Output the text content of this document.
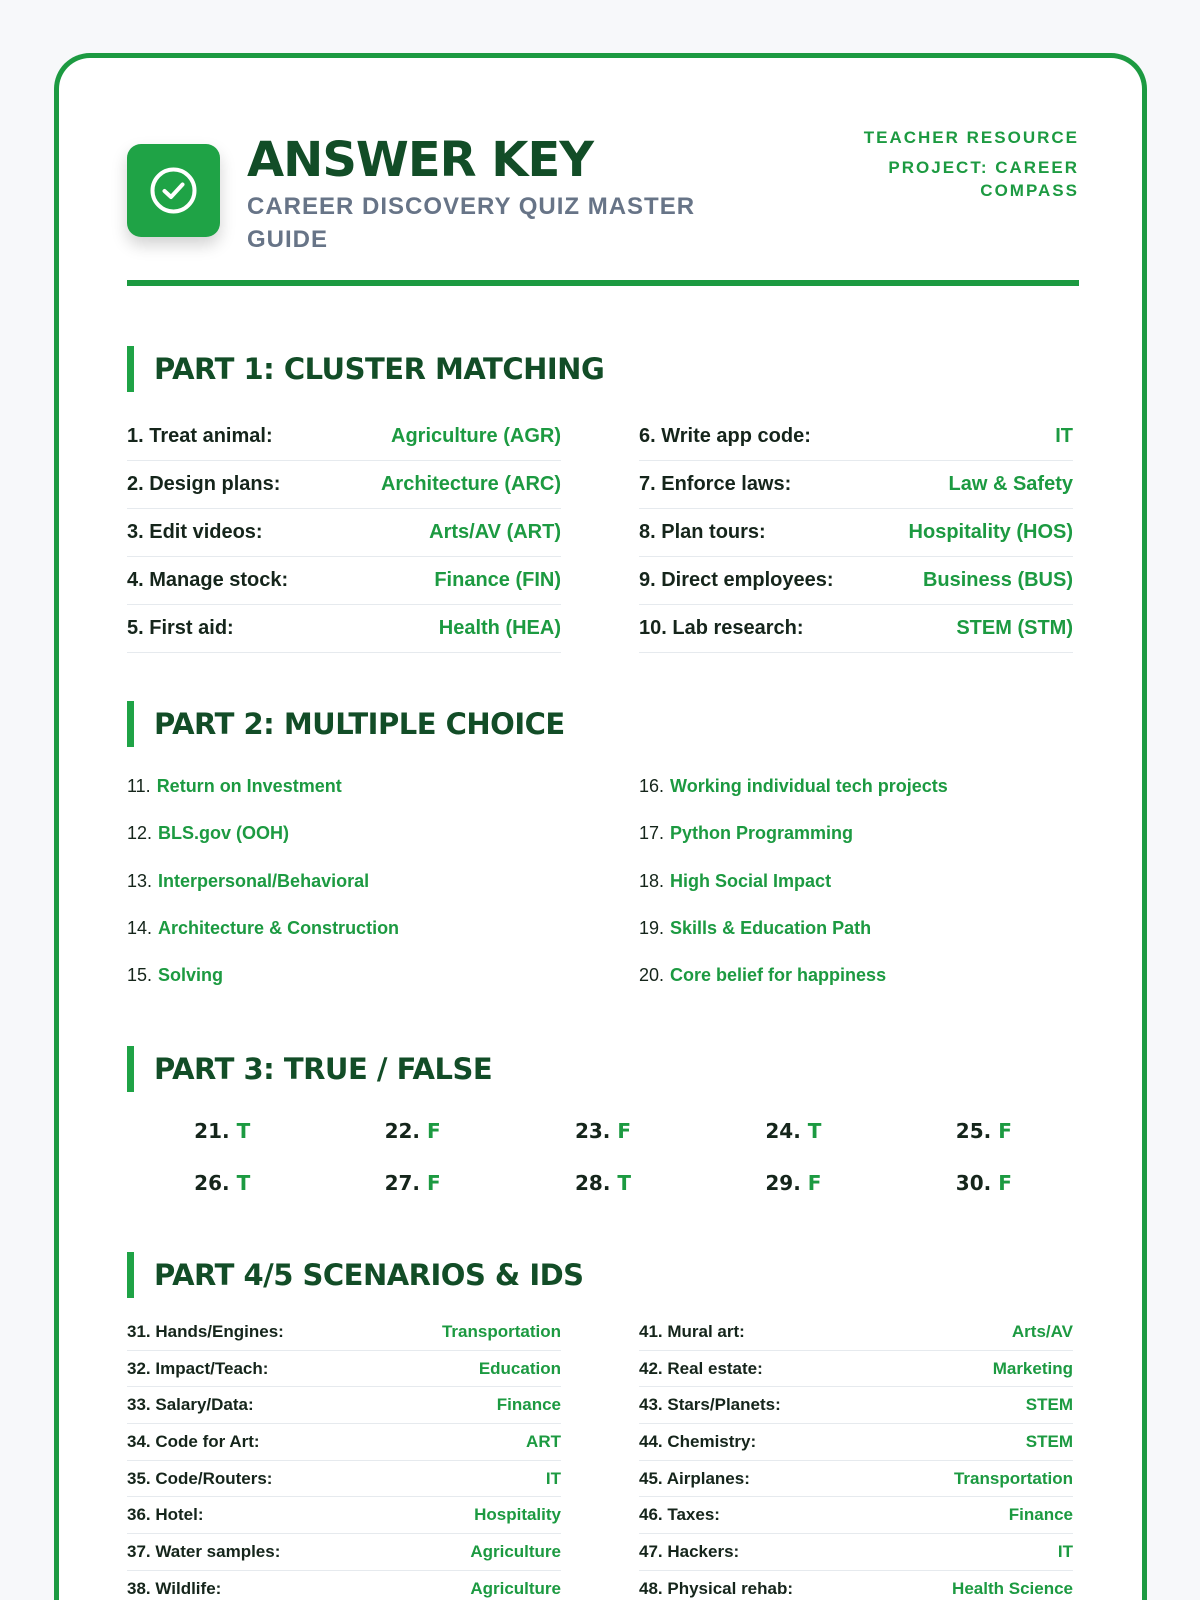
ANSWER KEY
CAREER DISCOVERY QUIZ MASTER GUIDE
TEACHER RESOURCE
PROJECT: CAREER COMPASS
PART 1: CLUSTER MATCHING
1. Treat animal:	Agriculture (AGR)
2. Design plans:	Architecture (ARC)
3. Edit videos:	Arts/AV (ART)
4. Manage stock:	Finance (FIN)
5. First aid:	Health (HEA)
6. Write app code:	IT
7. Enforce laws:	Law & Safety
8. Plan tours:	Hospitality (HOS)
9. Direct employees:	Business (BUS)
10. Lab research:	STEM (STM)
PART 2: MULTIPLE CHOICE
11. Return on Investment
12. BLS.gov (OOH)
13. Interpersonal/Behavioral
14. Architecture & Construction
15. Solving
16. Working individual tech projects
17. Python Programming
18. High Social Impact
19. Skills & Education Path
20. Core belief for happiness
PART 3: TRUE / FALSE
21. T	22. F	23. F	24. T	25. F
26. T	27. F	28. T	29. F	30. F
PART 4/5 SCENARIOS & IDS
31. Hands/Engines:	Transportation
32. Impact/Teach:	Education
33. Salary/Data:	Finance
34. Code for Art:	ART
35. Code/Routers:	IT
36. Hotel:	Hospitality
37. Water samples:	Agriculture
38. Wildlife:	Agriculture
41. Mural art:	Arts/AV
42. Real estate:	Marketing
43. Stars/Planets:	STEM
44. Chemistry:	STEM
45. Airplanes:	Transportation
46. Taxes:	Finance
47. Hackers:	IT
48. Physical rehab:	Health Science
